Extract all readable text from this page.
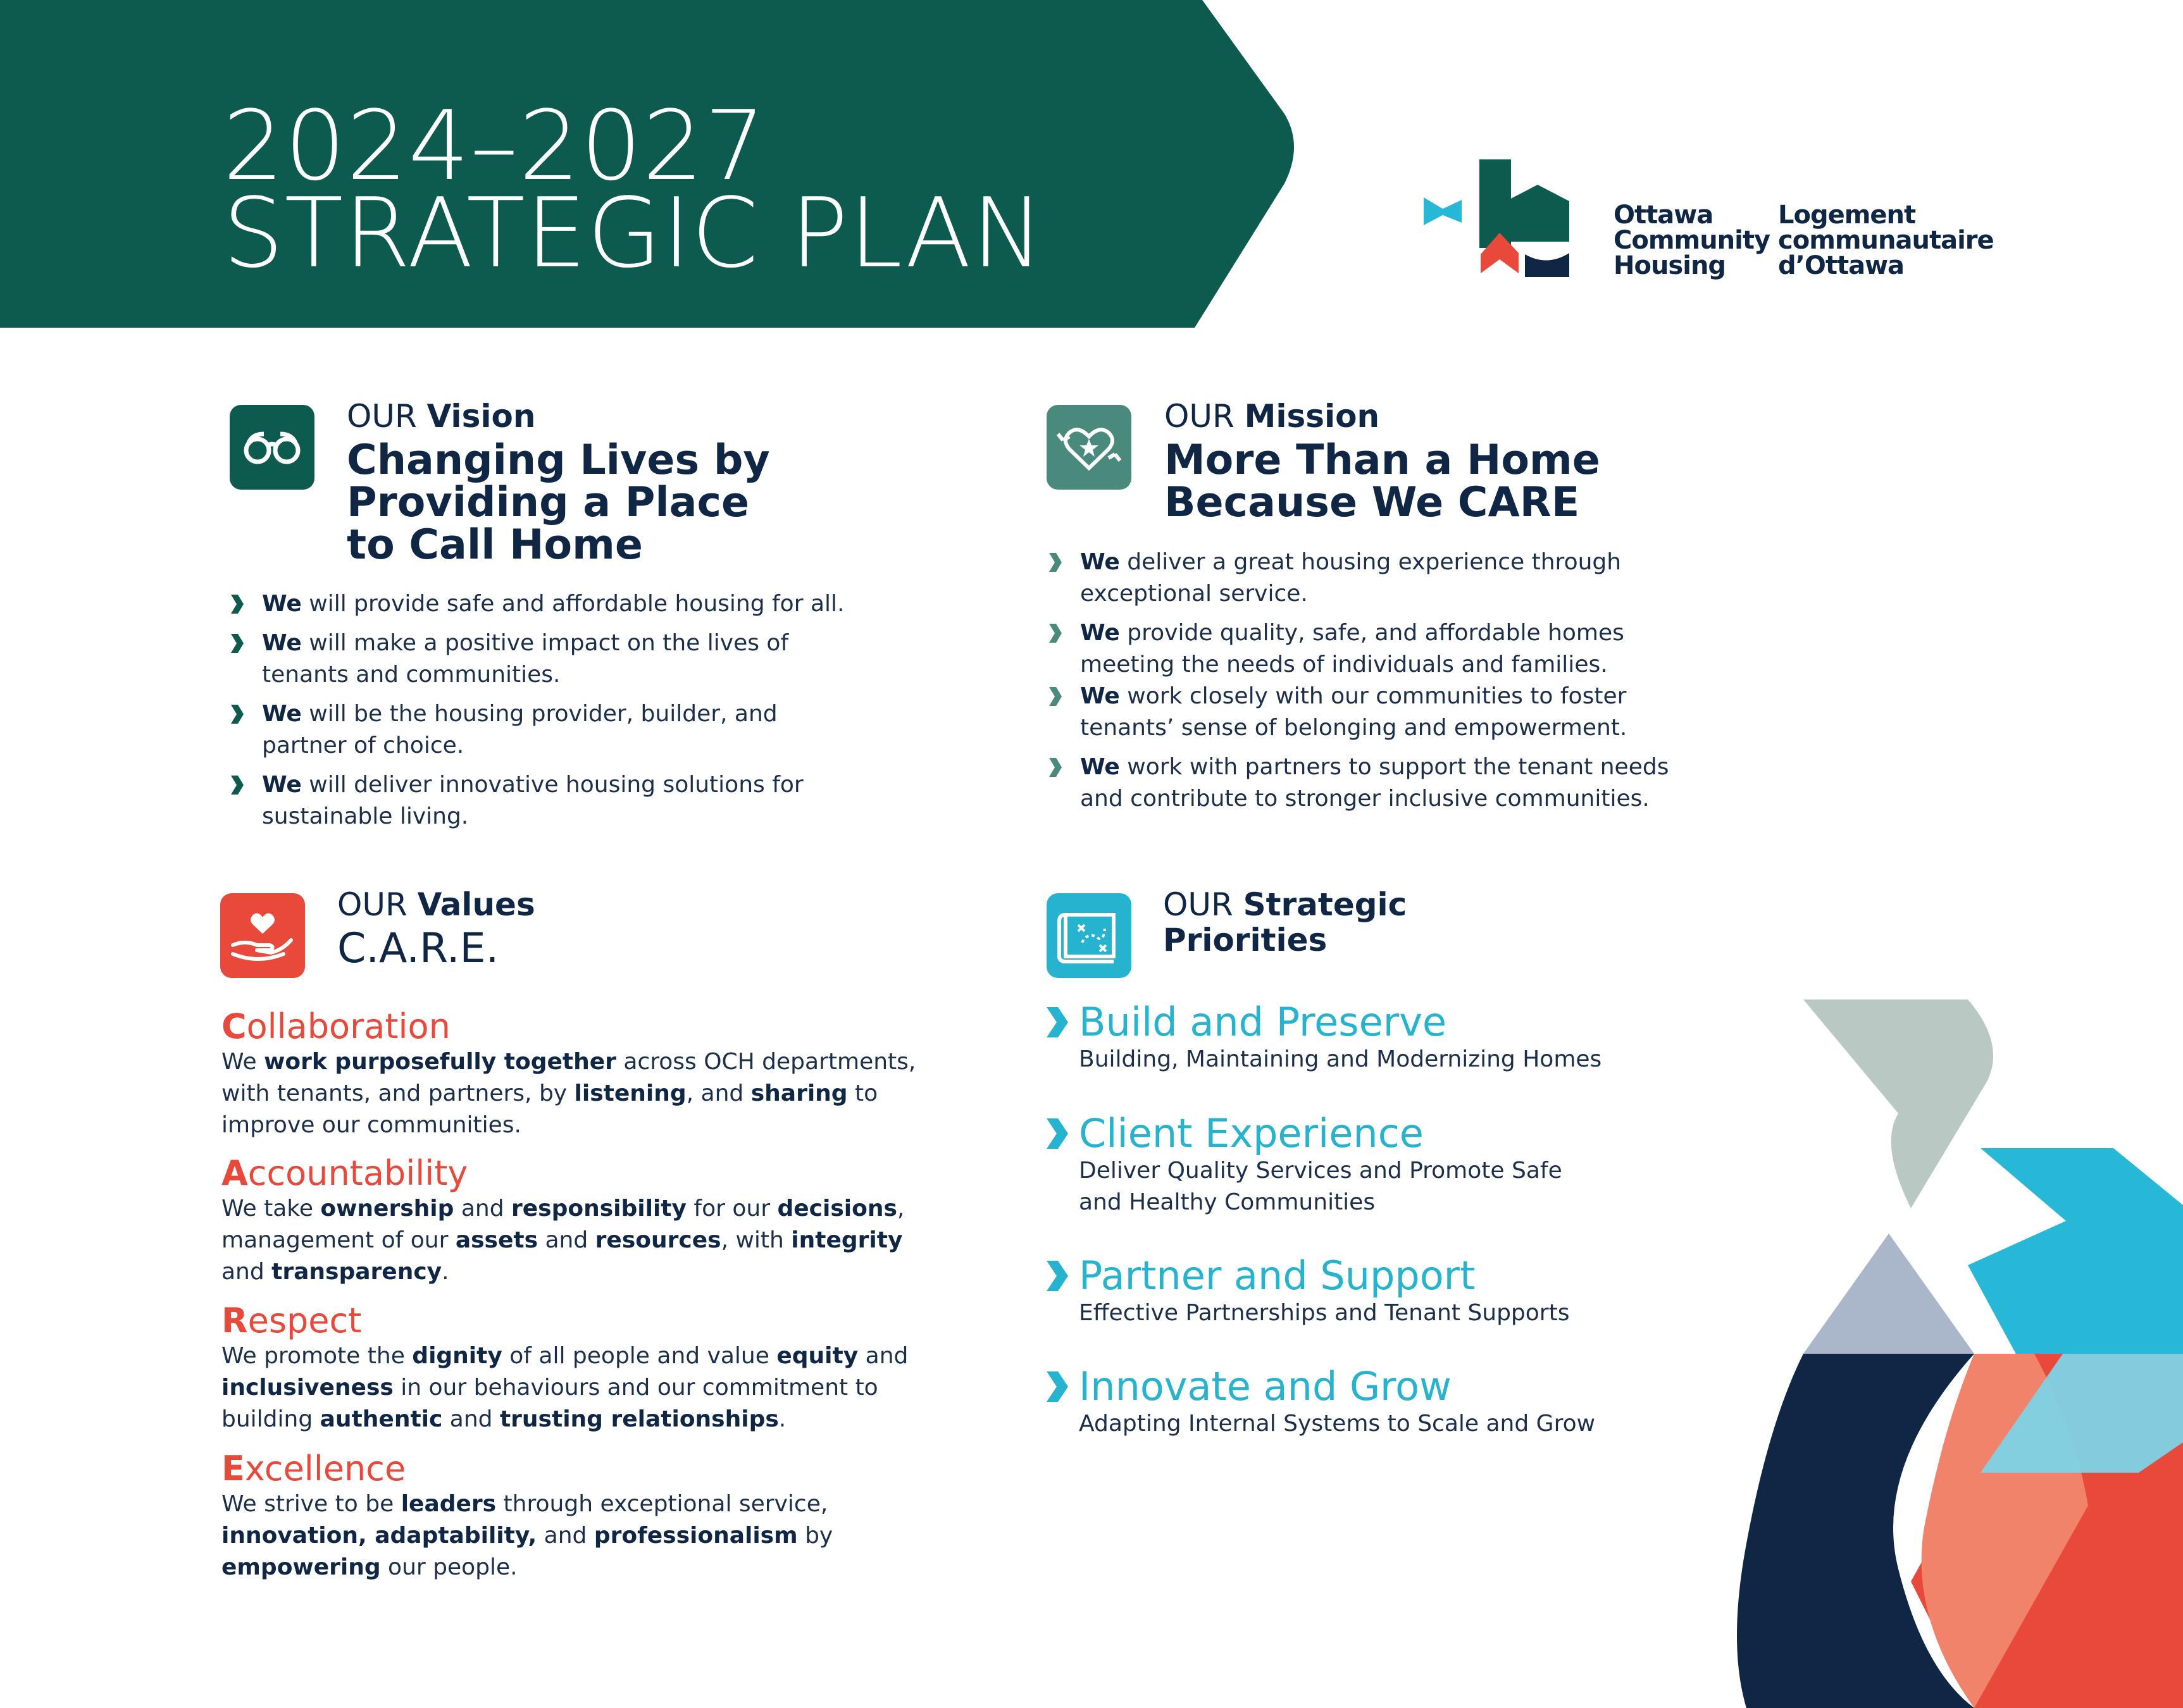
2024–2027
STRATEGIC PLAN	Ottawa
Community
Housing
Logement
communautaire
d’Ottawa
OUR Vision
Changing Lives by
Providing a Place
to Call Home
We will provide safe and affordable housing for all.
We will make a positive impact on the lives of tenants and communities.
We will be the housing provider, builder, and partner of choice.
We will deliver innovative housing solutions for sustainable living.
OUR Mission
More Than a Home
Because We CARE
We deliver a great housing experience through exceptional service.
We provide quality, safe, and affordable homes meeting the needs of individuals and families.
We work closely with our communities to foster tenants’ sense of belonging and empowerment.
We work with partners to support the tenant needs and contribute to stronger inclusive communities.
OUR Values
C.A.R.E.
Collaboration
We work purposefully together across OCH departments, with tenants, and partners, by listening, and sharing to improve our communities.
Accountability
We take ownership and responsibility for our decisions, management of our assets and resources, with integrity and transparency.
Respect
We promote the dignity of all people and value equity and inclusiveness in our behaviours and our commitment to building authentic and trusting relationships.
Excellence
We strive to be leaders through exceptional service, innovation, adaptability, and professionalism by empowering our people.
OUR Strategic
Priorities
Build and Preserve
Building, Maintaining and Modernizing Homes
Client Experience
Deliver Quality Services and Promote Safe
and Healthy Communities
Partner and Support
Effective Partnerships and Tenant Supports
Innovate and Grow
Adapting Internal Systems to Scale and Grow
